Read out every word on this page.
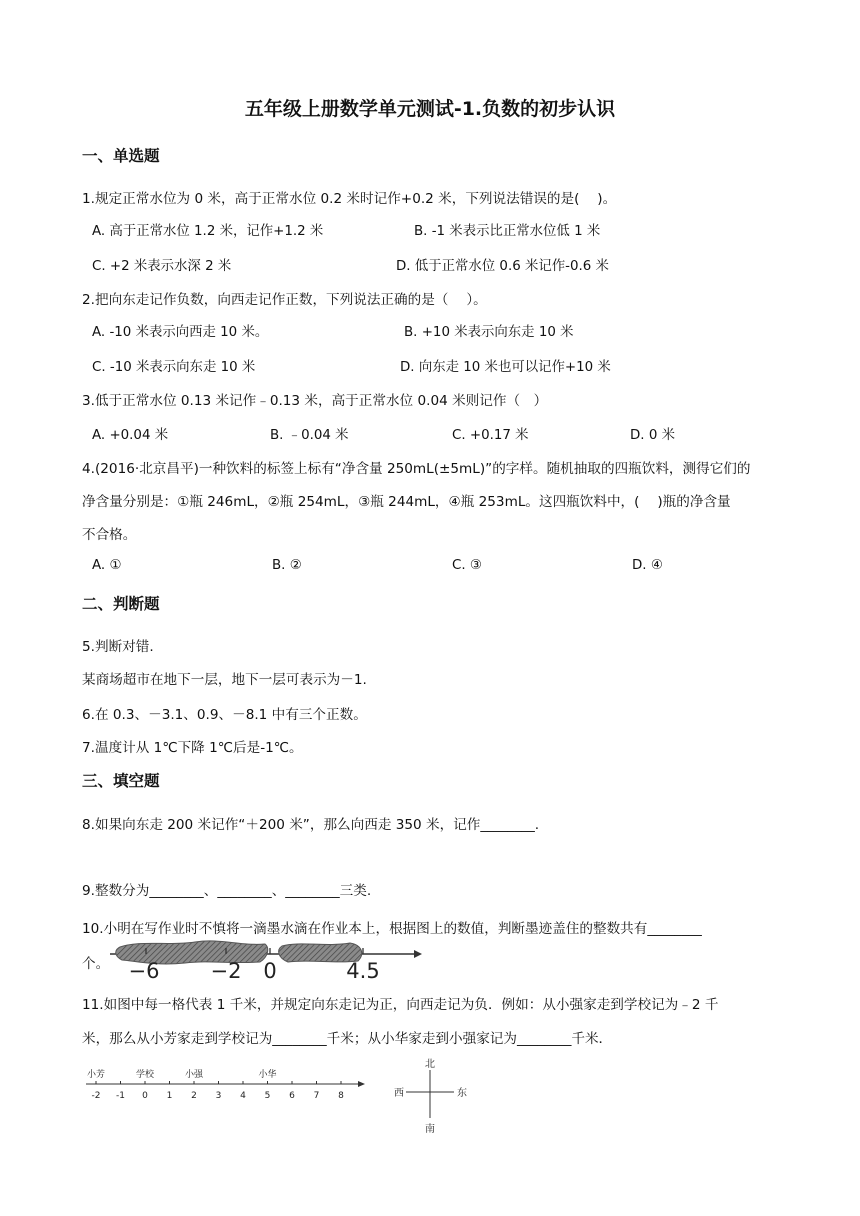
五年级上册数学单元测试-1.负数的初步认识
一、单选题
1.规定正常水位为 0 米，高于正常水位 0.2 米时记作+0.2 米，下列说法错误的是(　 )。
A. 高于正常水位 1.2 米，记作+1.2 米	B. -1 米表示比正常水位低 1 米
C. +2 米表示水深 2 米	D. 低于正常水位 0.6 米记作-0.6 米
2.把向东走记作负数，向西走记作正数，下列说法正确的是（　 ）。
A. -10 米表示向西走 10 米。	B. +10 米表示向东走 10 米
C. -10 米表示向东走 10 米	D. 向东走 10 米也可以记作+10 米
3.低于正常水位 0.13 米记作﹣0.13 米，高于正常水位 0.04 米则记作（　）
A. +0.04 米	B. ﹣0.04 米	C. +0.17 米	D. 0 米
4.(2016·北京昌平)一种饮料的标签上标有“净含量 250mL(±5mL)”的字样。随机抽取的四瓶饮料，测得它们的
净含量分别是：①瓶 246mL，②瓶 254mL，③瓶 244mL，④瓶 253mL。这四瓶饮料中，(　 )瓶的净含量
不合格。
A. ①	B. ②	C. ③	D. ④
二、判断题
5.判断对错.
某商场超市在地下一层，地下一层可表示为－1.
6.在 0.3、－3.1、0.9、－8.1 中有三个正数。
7.温度计从 1℃下降 1℃后是-1℃。
三、填空题
8.如果向东走 200 米记作“＋200 米”，那么向西走 350 米，记作________.
9.整数分为________、________、________三类.
10.小明在写作业时不慎将一滴墨水滴在作业本上，根据图上的数值，判断墨迹盖住的整数共有________
个。 −6 −2 0	4.5
11.如图中每一格代表 1 千米，并规定向东走记为正，向西走记为负．例如：从小强家走到学校记为﹣2 千
米，那么从小芳家走到学校记为________千米；从小华家走到小强家记为________千米．
-2 -1 0 1 2 3 4 5 6 7 8
小芳	学校	小强	小华
北
南
西	东
